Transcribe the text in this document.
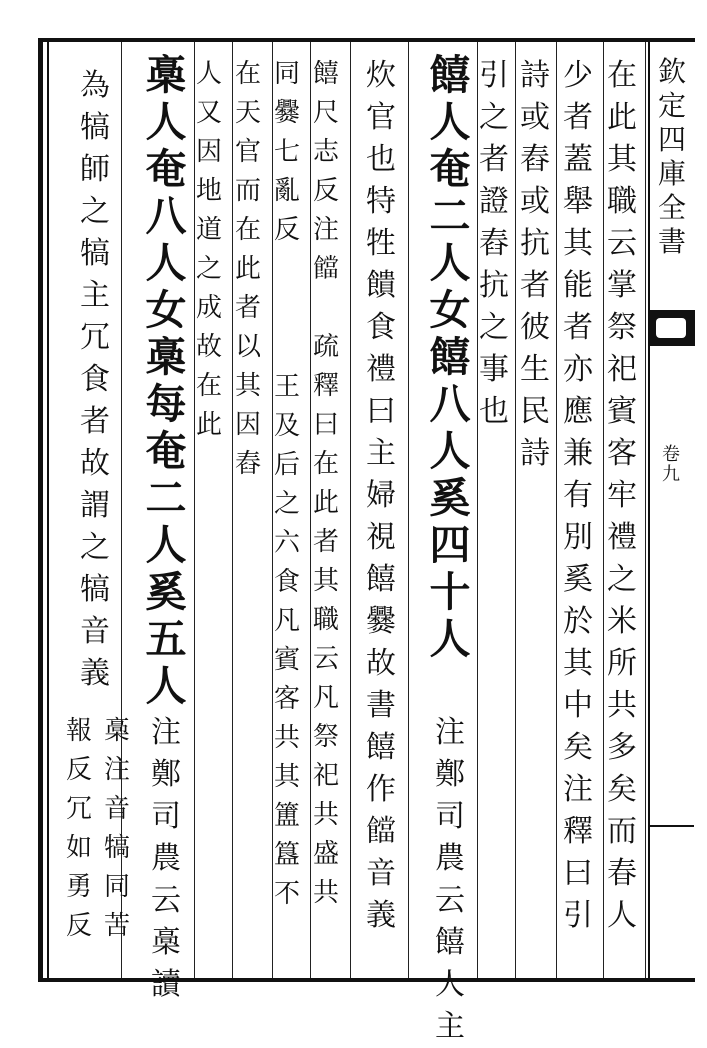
欽
定
四
庫
全
書
卷
九
在
此
其
職
云
掌
祭
祀
賓
客
牢
禮
之
米
所
共
多
矣
而
春
人
少
者
蓋
舉
其
能
者
亦
應
兼
有
別
奚
於
其
中
矣
注
釋
曰
引
詩
或
舂
或
抗
者
彼
生
民
詩
引
之
者
證
舂
抗
之
事
也
饎
人
奄
二
人
女
饎
八
人
奚
四
十
人
注
鄭
司
農
云
饎
人
主
炊
官
也
特
牲
饋
食
禮
曰
主
婦
視
饎
爨
故
書
饎
作
𩟈
音
義
饎
尺
志
反
注
𩟈
疏
釋
曰
在
此
者
其
職
云
凡
祭
祀
共
盛
共
同
爨
七
亂
反
王
及
后
之
六
食
凡
賓
客
共
其
簠
簋
不
在
天
官
而
在
此
者
以
其
因
舂
人
又
因
地
道
之
成
故
在
此
槀
人
奄
八
人
女
槀
每
奄
二
人
奚
五
人
注
鄭
司
農
云
槀
讀
為
犒
師
之
犒
主
冗
食
者
故
謂
之
犒
音
義
槀
注
音
犒
同
苦
報
反
冗
如
勇
反
